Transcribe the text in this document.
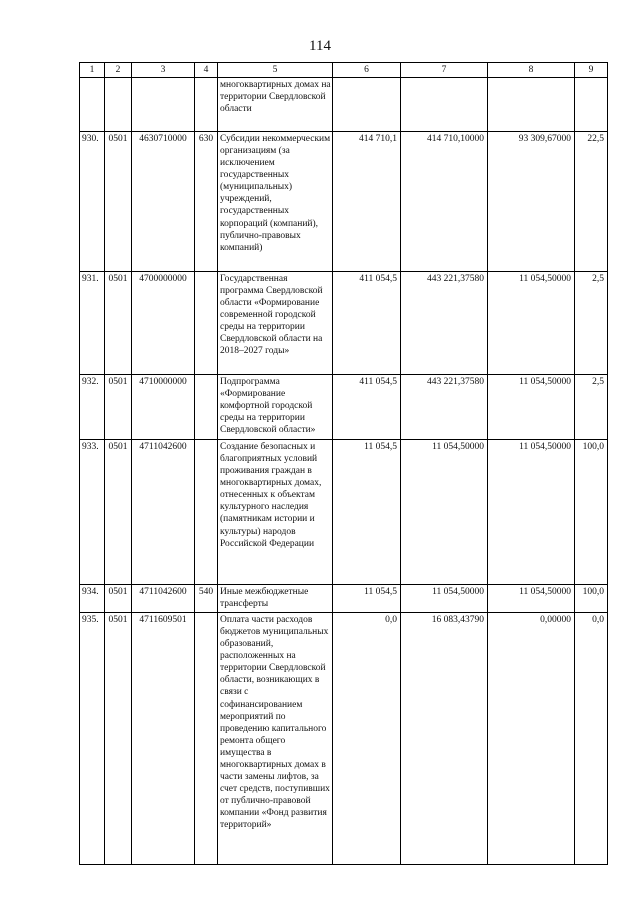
114
1	2	3	4	5	6	7	8	9
				многоквартирных домах на территории Свердловской области				
930.	0501	4630710000	630	Субсидии некоммерческим организациям (за исключением государственных (муниципальных) учреждений, государственных корпораций (компаний), публично-правовых компаний)	414 710,1	414 710,10000	93 309,67000	22,5
931.	0501	4700000000		Государственная программа Свердловской области «Формирование современной городской среды на территории Свердловской области на 2018–2027 годы»	411 054,5	443 221,37580	11 054,50000	2,5
932.	0501	4710000000		Подпрограмма «Формирование комфортной городской среды на территории Свердловской области»	411 054,5	443 221,37580	11 054,50000	2,5
933.	0501	4711042600		Создание безопасных и благоприятных условий проживания граждан в многоквартирных домах, отнесенных к объектам культурного наследия (памятникам истории и культуры) народов Российской Федерации	11 054,5	11 054,50000	11 054,50000	100,0
934.	0501	4711042600	540	Иные межбюджетные трансферты	11 054,5	11 054,50000	11 054,50000	100,0
935.	0501	4711609501		Оплата части расходов бюджетов муниципальных образований, расположенных на территории Свердловской области, возникающих в связи с софинансированием мероприятий по проведению капитального ремонта общего имущества в многоквартирных домах в части замены лифтов, за счет средств, поступивших от публично-правовой компании «Фонд развития территорий»	0,0	16 083,43790	0,00000	0,0
